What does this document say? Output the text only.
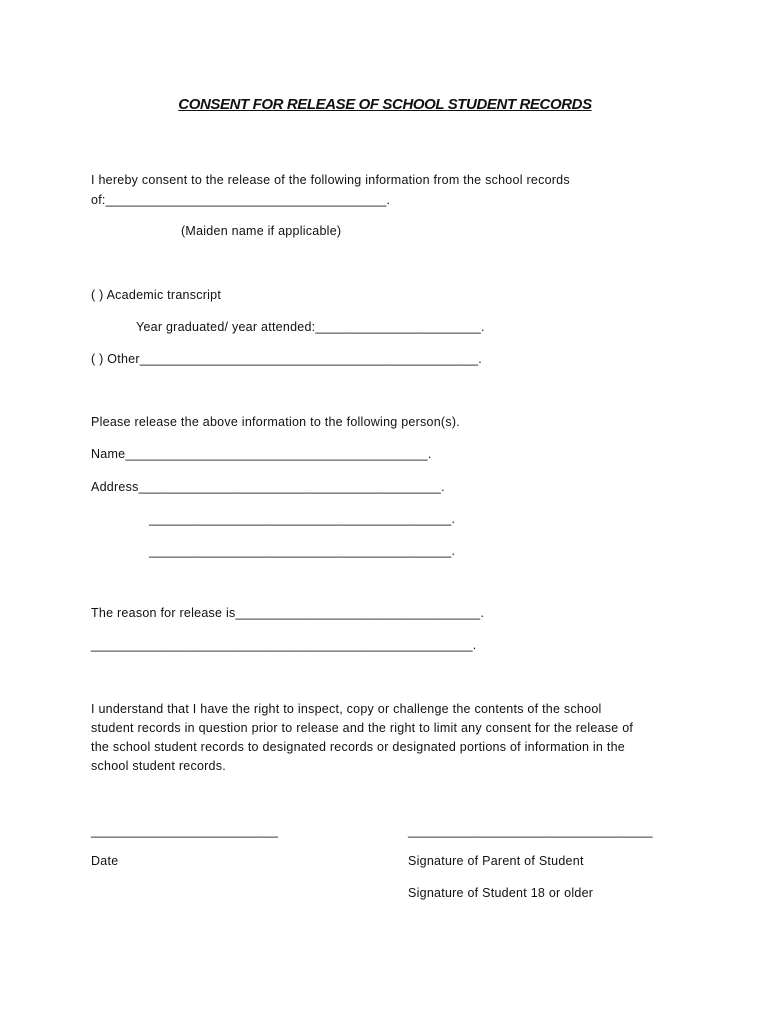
CONSENT FOR RELEASE OF SCHOOL STUDENT RECORDS
I hereby consent to the release of the following information from the school records
of:_______________________________________.
(Maiden name if applicable)
( ) Academic transcript
Year graduated/ year attended:_______________________.
( ) Other_______________________________________________.
Please release the above information to the following person(s).
Name__________________________________________.
Address__________________________________________.
__________________________________________.
__________________________________________.
The reason for release is__________________________________.
_____________________________________________________.
I understand that I have the right to inspect, copy or challenge the contents of the school
student records in question prior to release and the right to limit any consent for the release of
the school student records to designated records or designated portions of information in the
school student records.
__________________________	__________________________________
Date	Signature of Parent of Student
Signature of Student 18 or older
